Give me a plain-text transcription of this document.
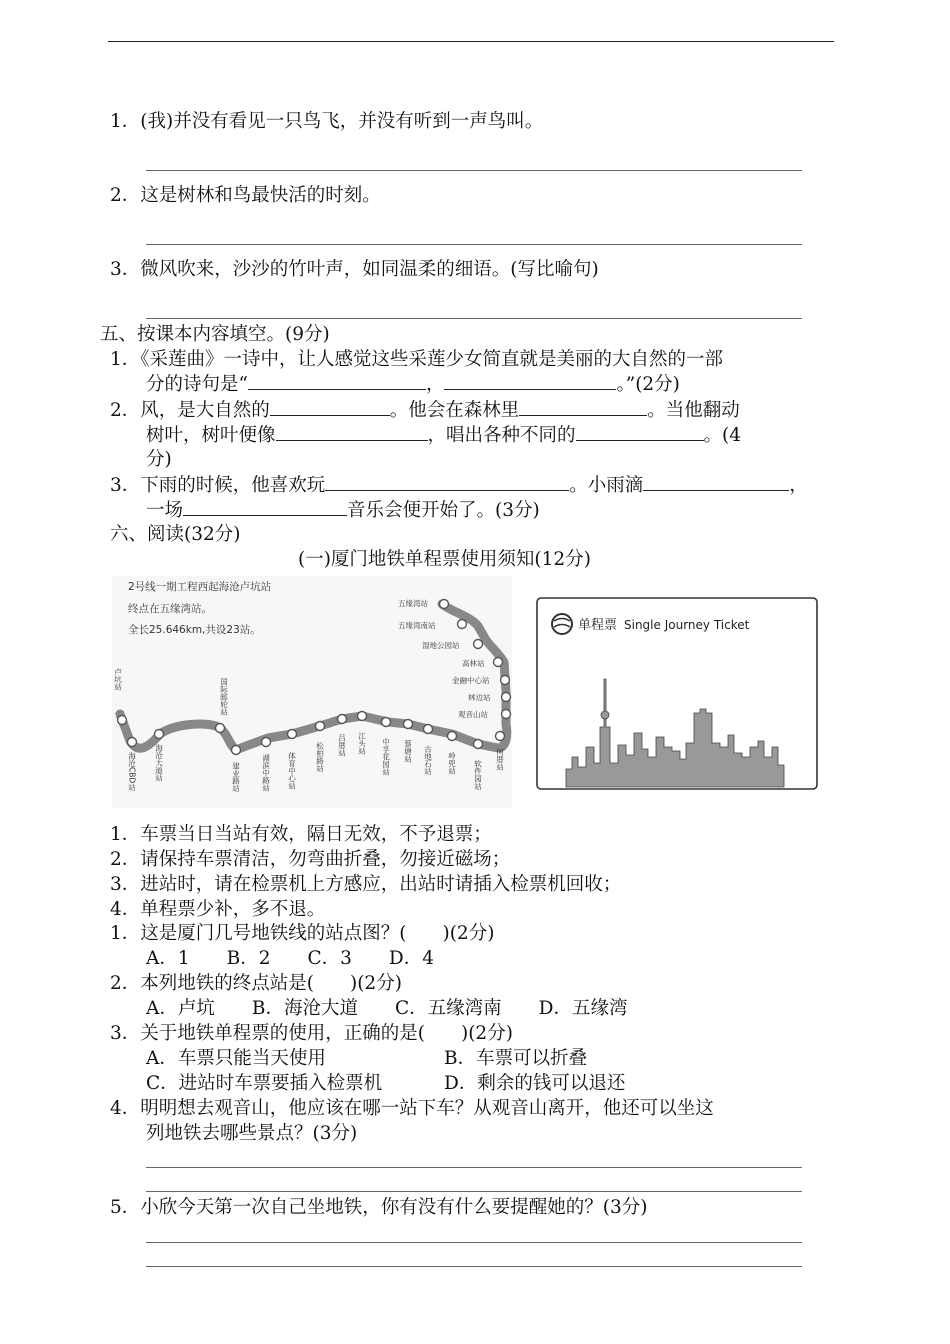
1．(我)并没有看见一只鸟飞，并没有听到一声鸟叫。
2．这是树林和鸟最快活的时刻。
3．微风吹来，沙沙的竹叶声，如同温柔的细语。(写比喻句)
五、按课本内容填空。(9分)
1．《采莲曲》一诗中，让人感觉这些采莲少女简直就是美丽的大自然的一部
分的诗句是“	，	。”(2分)
2．风，是大自然的	。他会在森林里	。当他翻动
树叶，树叶便像	，唱出各种不同的	。(4
分)
3．下雨的时候，他喜欢玩	。小雨滴	，
一场	音乐会便开始了。(3分)
六、阅读(32分)
(一)厦门地铁单程票使用须知(12分)
2号线一期工程西起海沧卢坑站
终点在五缘湾站。
全长25.646km,共设23站。
卢坑站	国际邮轮站
体育中心站	松柏路站 吕厝站 江头站 中孚花园站 蔡塘站 古地石站 岭兜站 软件园站
海沧CBD站 海沧大道站	建业路站	湖滨中路站	何厝站
五缘湾站
五缘湾南站
湿地公园站
高林站
金融中心站
林边站
观音山站
单程票 Single Journey Ticket
1．车票当日当站有效，隔日无效，不予退票；
2．请保持车票清洁，勿弯曲折叠，勿接近磁场；
3．进站时，请在检票机上方感应，出站时请插入检票机回收；
4．单程票少补，多不退。
1．这是厦门几号地铁线的站点图？( )(2分)
A．1　　B．2　　C．3　　D．4
2．本列地铁的终点站是( )(2分)
A．卢坑　　B．海沧大道　　C．五缘湾南　　D．五缘湾
3．关于地铁单程票的使用，正确的是( )(2分)
A．车票只能当天使用	B．车票可以折叠
C．进站时车票要插入检票机	D．剩余的钱可以退还
4．明明想去观音山，他应该在哪一站下车？从观音山离开，他还可以坐这
列地铁去哪些景点？(3分)
5．小欣今天第一次自己坐地铁，你有没有什么要提醒她的？(3分)
